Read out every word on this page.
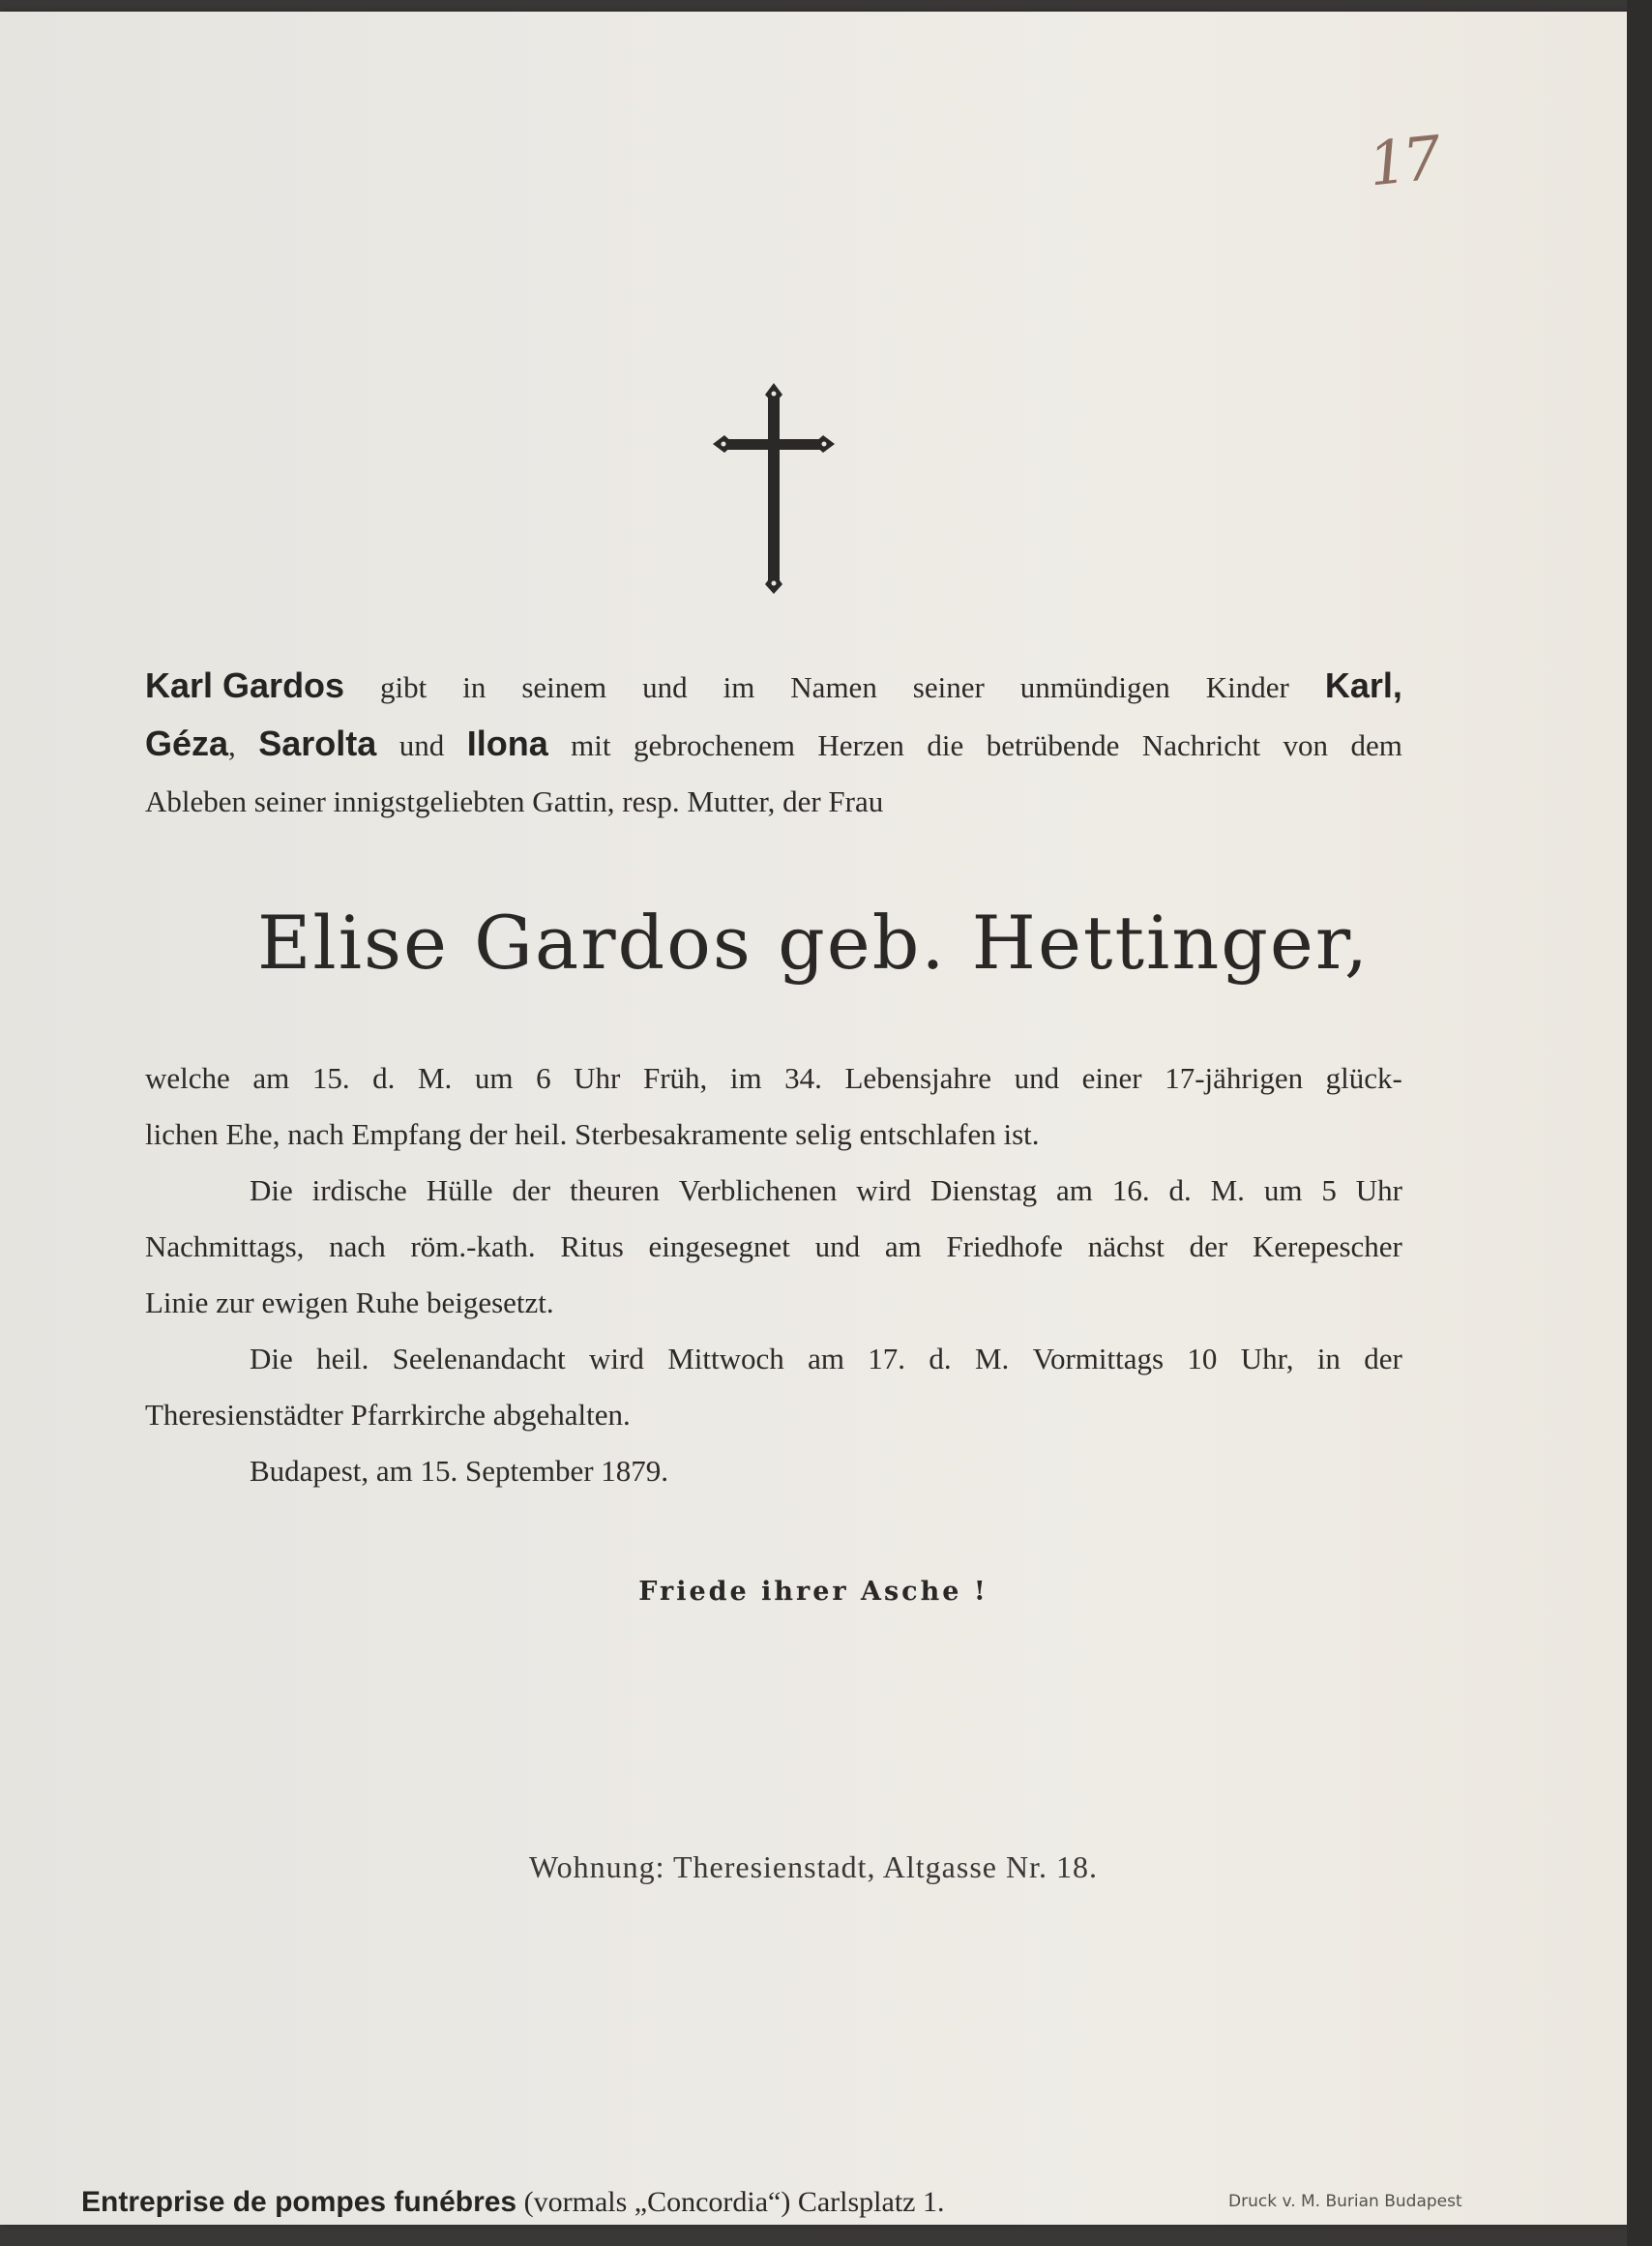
17
Karl Gardos gibt in seinem und im Namen seiner unmündigen Kinder Karl,
Géza, Sarolta und Ilona mit gebrochenem Herzen die betrübende Nachricht von dem
Ableben seiner innigstgeliebten Gattin, resp. Mutter, der Frau
Elise Gardos geb. Hettinger,
welche am 15. d. M. um 6 Uhr Früh, im 34. Lebensjahre und einer 17-jährigen glück-
lichen Ehe, nach Empfang der heil. Sterbesakramente selig entschlafen ist.
Die irdische Hülle der theuren Verblichenen wird Dienstag am 16. d. M. um 5 Uhr
Nachmittags, nach röm.-kath. Ritus eingesegnet und am Friedhofe nächst der Kerepescher
Linie zur ewigen Ruhe beigesetzt.
Die heil. Seelenandacht wird Mittwoch am 17. d. M. Vormittags 10 Uhr, in der
Theresienstädter Pfarrkirche abgehalten.
Budapest, am 15. September 1879.
Friede ihrer Asche !
Wohnung: Theresienstadt, Altgasse Nr. 18.
Entreprise de pompes funébres (vormals „Concordia“) Carlsplatz 1.	Druck v. M. Burian Budapest
